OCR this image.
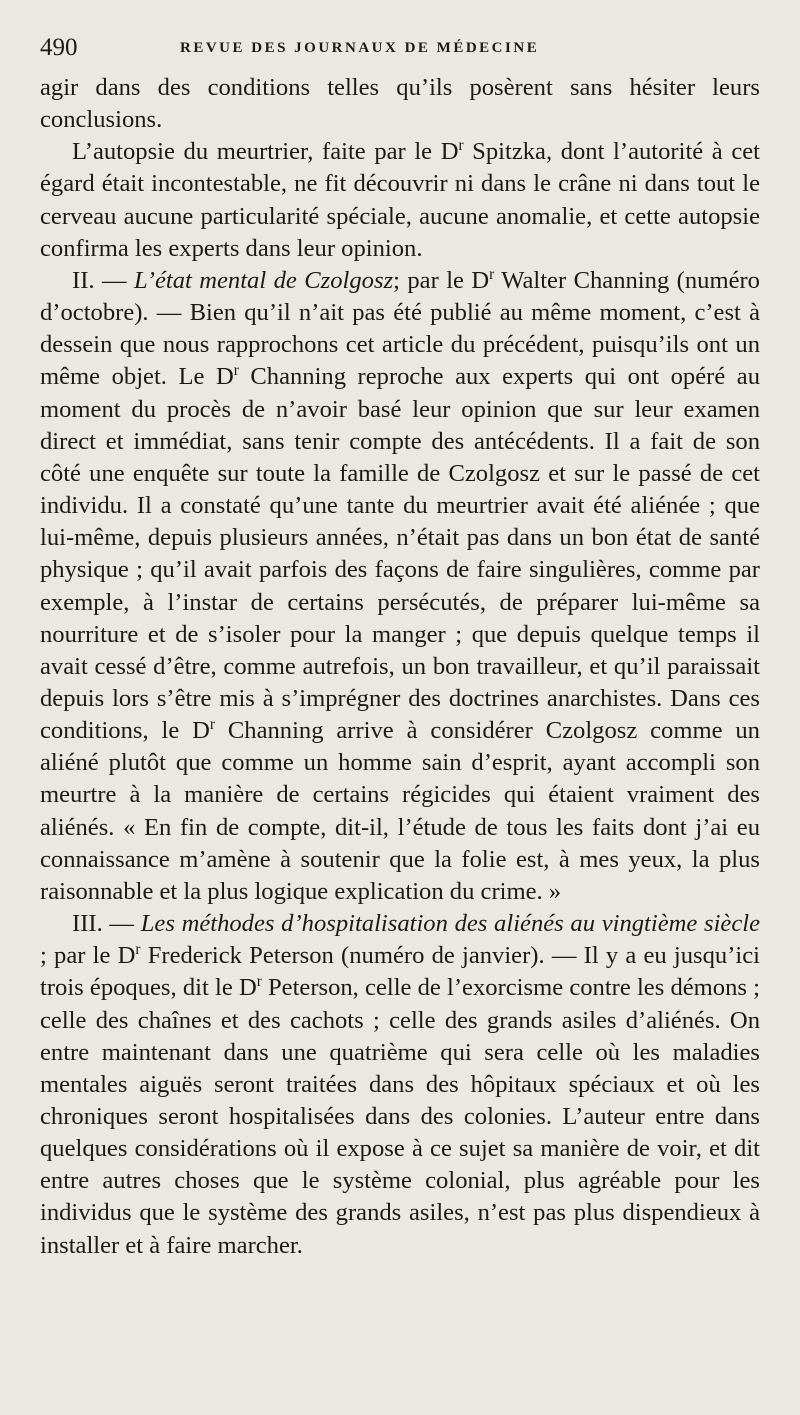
490	REVUE DES JOURNAUX DE MÉDECINE

agir dans des conditions telles qu’ils posèrent sans hésiter leurs conclusions.

L’autopsie du meurtrier, faite par le $D^r$ Spitzka, dont l’autorité à cet égard était incontestable, ne fit découvrir ni dans le crâne ni dans tout le cerveau aucune particularité spéciale, aucune anomalie, et cette autopsie confirma les experts dans leur opinion.

II. — L’état mental de Czolgosz; par le $D^r$ Walter Channing (numéro d’octobre). — Bien qu’il n’ait pas été publié au même moment, c’est à dessein que nous rapprochons cet article du précédent, puisqu’ils ont un même objet. Le $D^r$ Channing reproche aux experts qui ont opéré au moment du procès de n’avoir basé leur opinion que sur leur examen direct et immédiat, sans tenir compte des antécédents. Il a fait de son côté une enquête sur toute la famille de Czolgosz et sur le passé de cet individu. Il a constaté qu’une tante du meurtrier avait été aliénée ; que lui-même, depuis plusieurs années, n’était pas dans un bon état de santé physique ; qu’il avait parfois des façons de faire singulières, comme par exemple, à l’instar de certains persécutés, de préparer lui-même sa nourriture et de s’isoler pour la manger ; que depuis quelque temps il avait cessé d’être, comme autrefois, un bon travailleur, et qu’il paraissait depuis lors s’être mis à s’imprégner des doctrines anarchistes. Dans ces conditions, le $D^r$ Channing arrive à considérer Czolgosz comme un aliéné plutôt que comme un homme sain d’esprit, ayant accompli son meurtre à la manière de certains régicides qui étaient vraiment des aliénés. « En fin de compte, dit-il, l’étude de tous les faits dont j’ai eu connaissance m’amène à soutenir que la folie est, à mes yeux, la plus raisonnable et la plus logique explication du crime. »

III. — Les méthodes d’hospitalisation des aliénés au vingtième siècle ; par le $D^r$ Frederick Peterson (numéro de janvier). — Il y a eu jusqu’ici trois époques, dit le $D^r$ Peterson, celle de l’exorcisme contre les démons ; celle des chaînes et des cachots ; celle des grands asiles d’aliénés. On entre maintenant dans une quatrième qui sera celle où les maladies mentales aiguës seront traitées dans des hôpitaux spéciaux et où les chroniques seront hospitalisées dans des colonies. L’auteur entre dans quelques considérations où il expose à ce sujet sa manière de voir, et dit entre autres choses que le système colonial, plus agréable pour les individus que le système des grands asiles, n’est pas plus dispendieux à installer et à faire marcher.
